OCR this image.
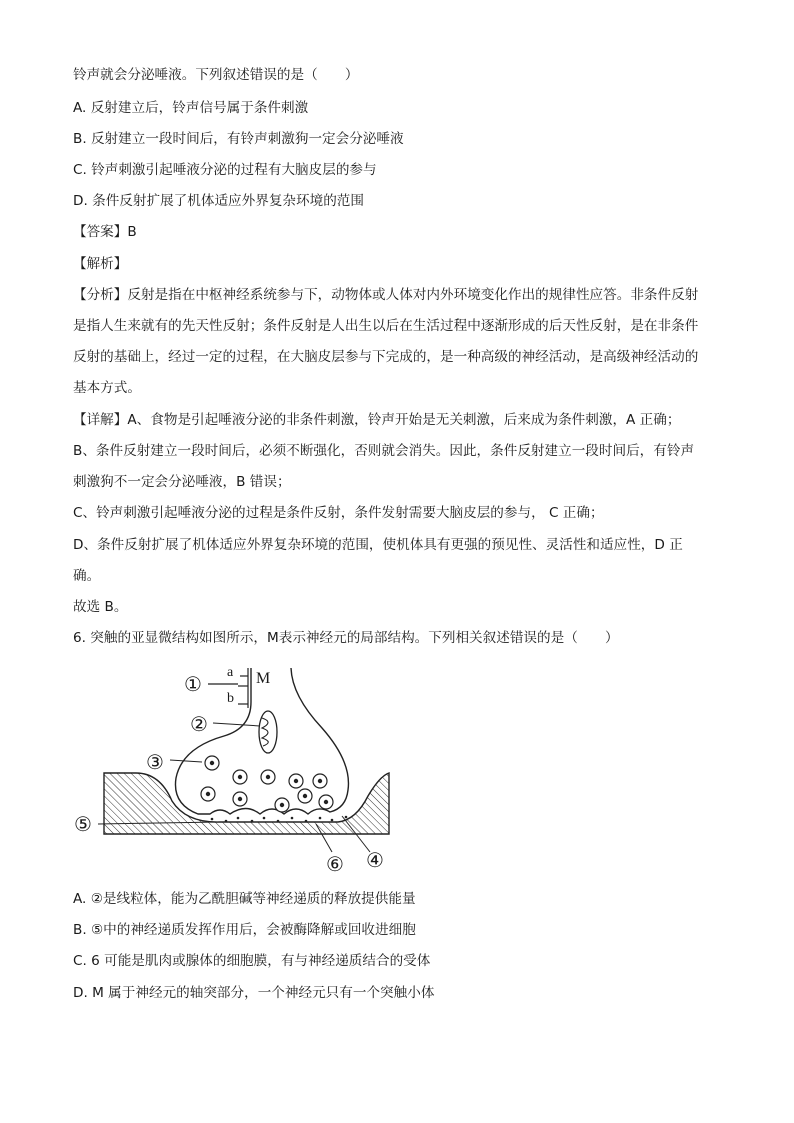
铃声就会分泌唾液。下列叙述错误的是（　　）
A. 反射建立后，铃声信号属于条件刺激
B. 反射建立一段时间后，有铃声刺激狗一定会分泌唾液
C. 铃声刺激引起唾液分泌的过程有大脑皮层的参与
D. 条件反射扩展了机体适应外界复杂环境的范围
【答案】B
【解析】
【分析】反射是指在中枢神经系统参与下，动物体或人体对内外环境变化作出的规律性应答。非条件反射
是指人生来就有的先天性反射；条件反射是人出生以后在生活过程中逐渐形成的后天性反射，是在非条件
反射的基础上，经过一定的过程，在大脑皮层参与下完成的，是一种高级的神经活动，是高级神经活动的
基本方式。
【详解】A、食物是引起唾液分泌的非条件刺激，铃声开始是无关刺激，后来成为条件刺激，A 正确；
B、条件反射建立一段时间后，必须不断强化，否则就会消失。因此，条件反射建立一段时间后，有铃声
刺激狗不一定会分泌唾液，B 错误；
C、铃声刺激引起唾液分泌的过程是条件反射，条件发射需要大脑皮层的参与， C 正确；
D、条件反射扩展了机体适应外界复杂环境的范围，使机体具有更强的预见性、灵活性和适应性，D 正
确。
故选 B。
6. 突触的亚显微结构如图所示，M表示神经元的局部结构。下列相关叙述错误的是（　　）
a
b
M
①
②
③
④
⑤
⑥
A. ②是线粒体，能为乙酰胆碱等神经递质的释放提供能量
B. ⑤中的神经递质发挥作用后，会被酶降解或回收进细胞
C. 6 可能是肌肉或腺体的细胞膜，有与神经递质结合的受体
D. M 属于神经元的轴突部分，一个神经元只有一个突触小体
